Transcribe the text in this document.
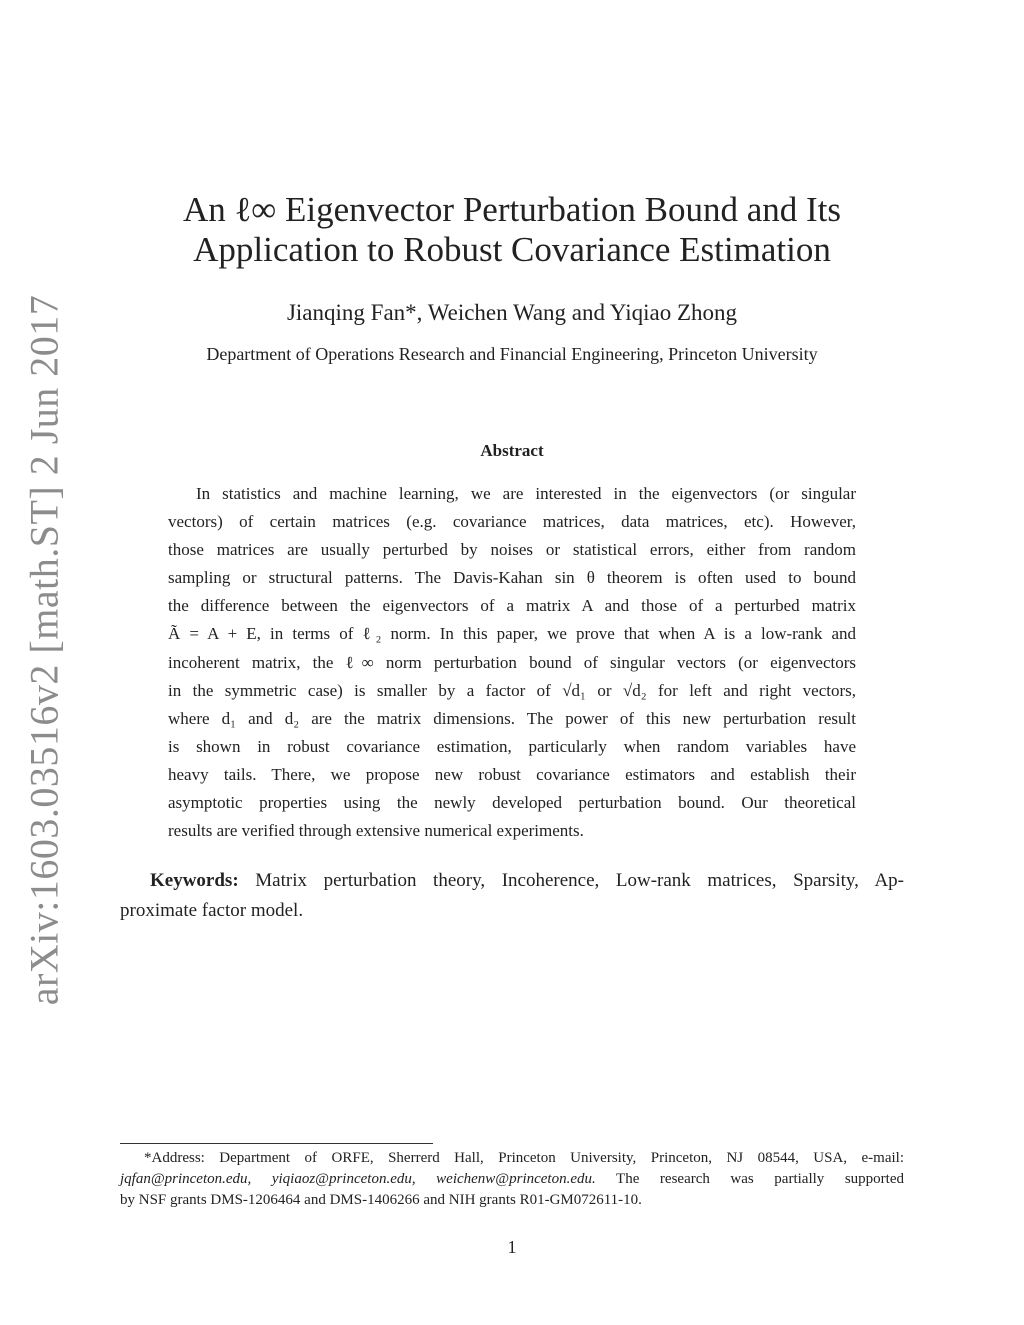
arXiv:1603.03516v2 [math.ST] 2 Jun 2017
An ℓ∞ Eigenvector Perturbation Bound and Its
Application to Robust Covariance Estimation
Jianqing Fan*, Weichen Wang and Yiqiao Zhong
Department of Operations Research and Financial Engineering, Princeton University
Abstract
In statistics and machine learning, we are interested in the eigenvectors (or singular
vectors) of certain matrices (e.g. covariance matrices, data matrices, etc). However,
those matrices are usually perturbed by noises or statistical errors, either from random
sampling or structural patterns. The Davis-Kahan sin θ theorem is often used to bound
the difference between the eigenvectors of a matrix A and those of a perturbed matrix
Ã = A + E, in terms of ℓ₂ norm. In this paper, we prove that when A is a low-rank and
incoherent matrix, the ℓ∞ norm perturbation bound of singular vectors (or eigenvectors
in the symmetric case) is smaller by a factor of √d₁ or √d₂ for left and right vectors,
where d₁ and d₂ are the matrix dimensions. The power of this new perturbation result
is shown in robust covariance estimation, particularly when random variables have
heavy tails. There, we propose new robust covariance estimators and establish their
asymptotic properties using the newly developed perturbation bound. Our theoretical
results are verified through extensive numerical experiments.
Keywords: Matrix perturbation theory, Incoherence, Low-rank matrices, Sparsity, Ap-
proximate factor model.
*Address: Department of ORFE, Sherrerd Hall, Princeton University, Princeton, NJ 08544, USA, e-mail:
jqfan@princeton.edu, yiqiaoz@princeton.edu, weichenw@princeton.edu. The research was partially supported
by NSF grants DMS-1206464 and DMS-1406266 and NIH grants R01-GM072611-10.
1
